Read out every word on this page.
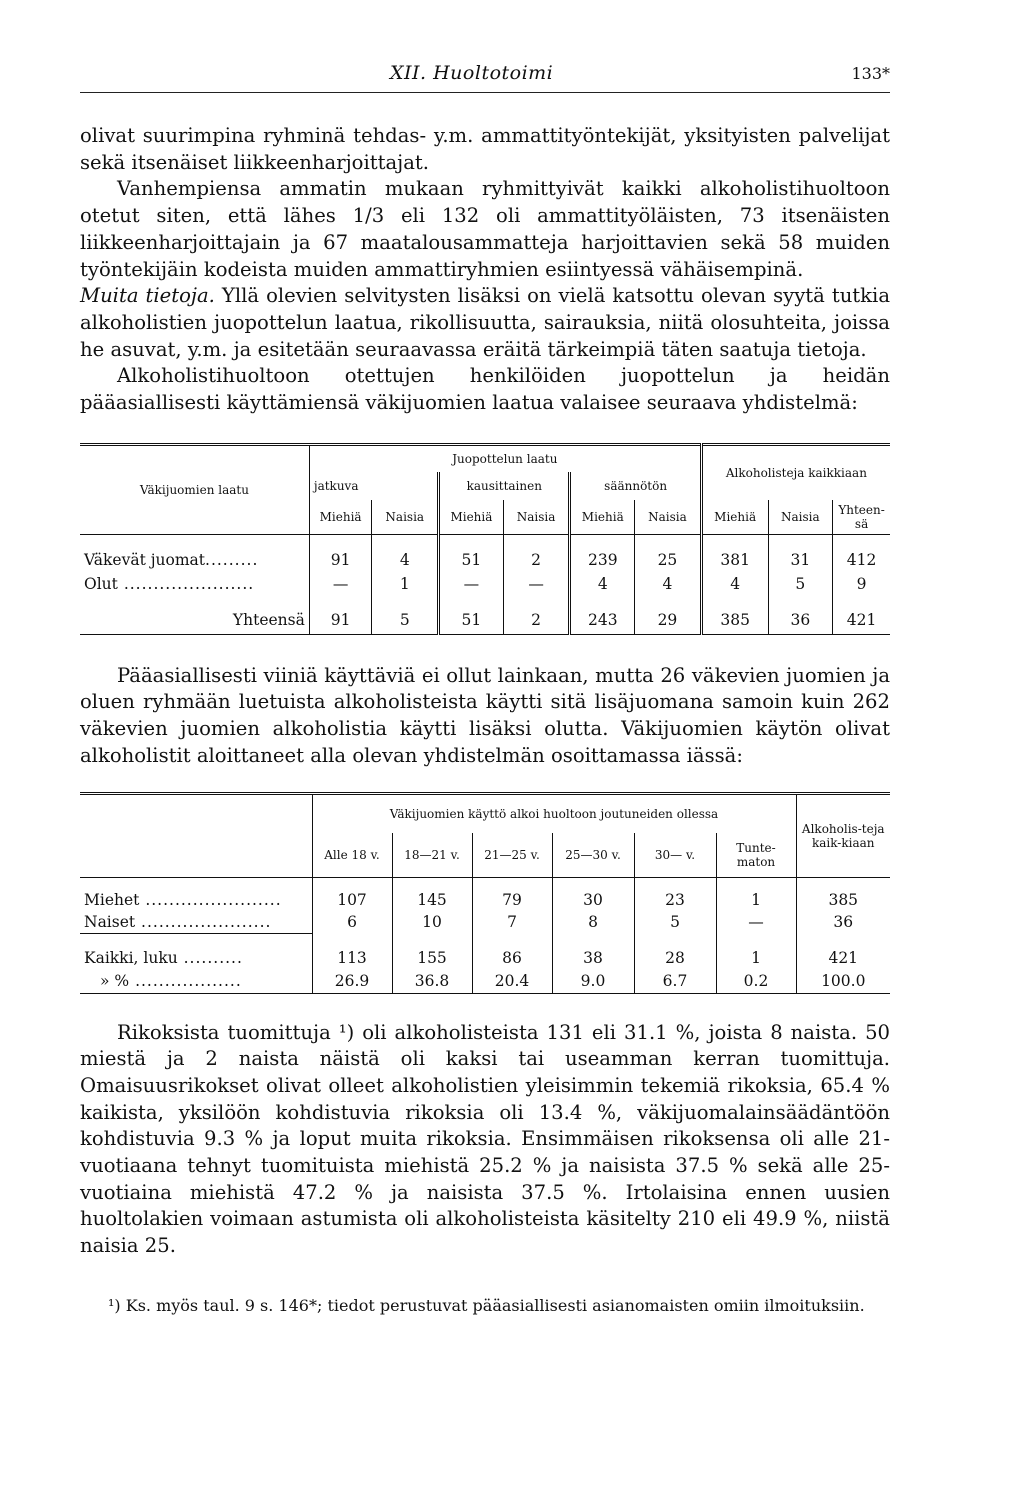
XII. Huoltotoimi	133*

olivat suurimpina ryhminä tehdas- y.m. ammattityöntekijät, yksityisten palvelijat sekä itsenäiset liikkeenharjoittajat.

Vanhempiensa ammatin mukaan ryhmittyivät kaikki alkoholistihuoltoon otetut siten, että lähes 1/3 eli 132 oli ammattityöläisten, 73 itsenäisten liikkeenharjoittajain ja 67 maatalousammatteja harjoittavien sekä 58 muiden työntekijäin kodeista muiden ammattiryhmien esiintyessä vähäisempinä.

Muita tietoja. Yllä olevien selvitysten lisäksi on vielä katsottu olevan syytä tutkia alkoholistien juopottelun laatua, rikollisuutta, sairauksia, niitä olosuhteita, joissa he asuvat, y.m. ja esitetään seuraavassa eräitä tärkeimpiä täten saatuja tietoja.

Alkoholistihuoltoon otettujen henkilöiden juopottelun ja heidän pääasiallisesti käyttämiensä väkijuomien laatua valaisee seuraava yhdistelmä:

Väkijuomien laatu	Juopottelun laatu						Alkoholisteja kaikkiaan		
	jatkuva		kausittainen		säännötön				
	Miehiä	Naisia	Miehiä	Naisia	Miehiä	Naisia	Miehiä	Naisia	Yhteen-sä

Väkevät juomat.........	91	4	51	2	239	25	381	31	412
Olut ......................	—	1	—	—	4	4	4	5	9

Yhteensä	91	5	51	2	243	29	385	36	421

Pääasiallisesti viiniä käyttäviä ei ollut lainkaan, mutta 26 väkevien juomien ja oluen ryhmään luetuista alkoholisteista käytti sitä lisäjuomana samoin kuin 262 väkevien juomien alkoholistia käytti lisäksi olutta. Väkijuomien käytön olivat alkoholistit aloittaneet alla olevan yhdistelmän osoittamassa iässä:

	Väkijuomien käyttö alkoi huoltoon joutuneiden ollessa						Alkoholis-teja kaik-kiaan
	Alle 18 v.	18—21 v.	21—25 v.	25—30 v.	30— v.	Tunte-maton	

Miehet .......................	107	145	79	30	23	1	385
Naiset ......................	6	10	7	8	5	—	36

Kaikki, luku ..........	113	155	86	38	28	1	421
» % ..................	26.9	36.8	20.4	9.0	6.7	0.2	100.0

Rikoksista tuomittuja ¹) oli alkoholisteista 131 eli 31.1 %, joista 8 naista. 50 miestä ja 2 naista näistä oli kaksi tai useamman kerran tuomittuja. Omaisuusrikokset olivat olleet alkoholistien yleisimmin tekemiä rikoksia, 65.4 % kaikista, yksilöön kohdistuvia rikoksia oli 13.4 %, väkijuomalainsäädäntöön kohdistuvia 9.3 % ja loput muita rikoksia. Ensimmäisen rikoksensa oli alle 21-vuotiaana tehnyt tuomituista miehistä 25.2 % ja naisista 37.5 % sekä alle 25-vuotiaina miehistä 47.2 % ja naisista 37.5 %. Irtolaisina ennen uusien huoltolakien voimaan astumista oli alkoholisteista käsitelty 210 eli 49.9 %, niistä naisia 25.

¹) Ks. myös taul. 9 s. 146*; tiedot perustuvat pääasiallisesti asianomaisten omiin ilmoituksiin.
